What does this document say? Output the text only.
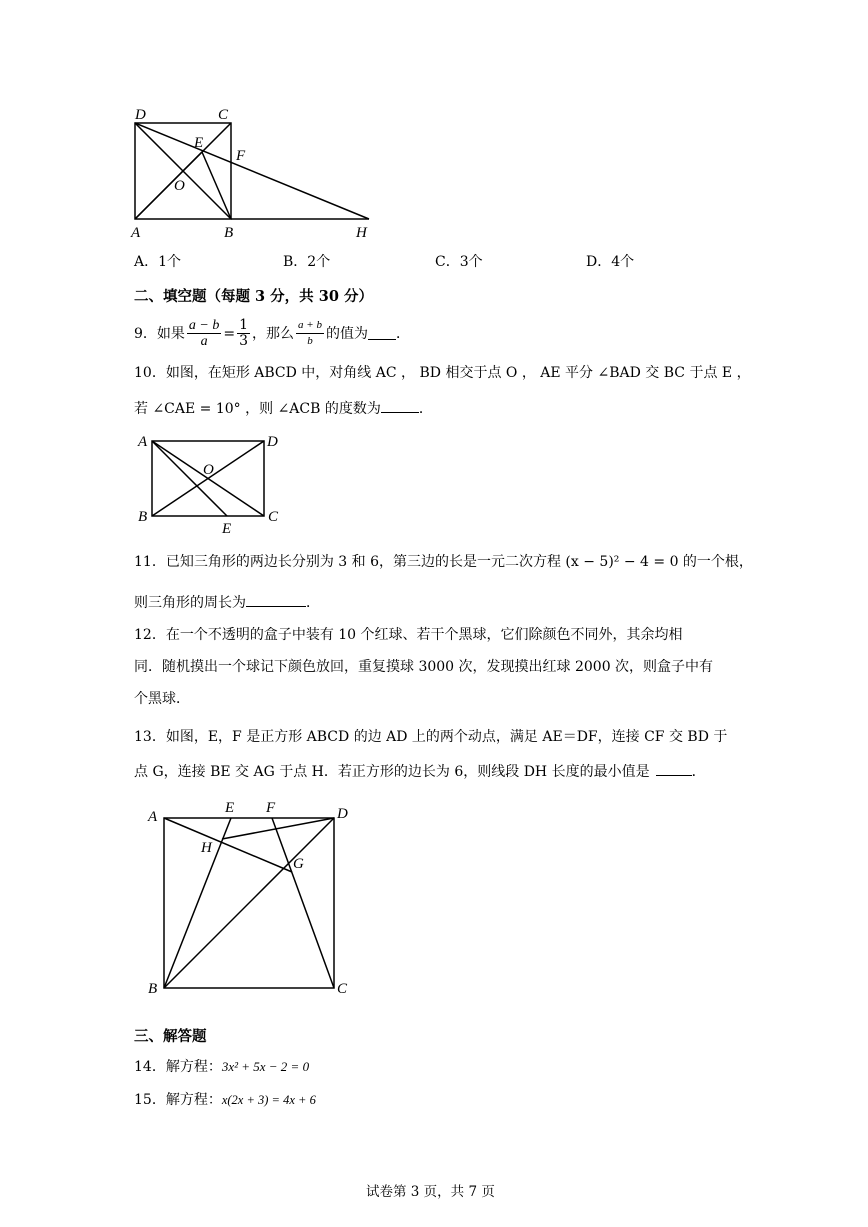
D	C
E
F
O
A	B	H
A．1个	B．2个	C．3个	D．4个
二、填空题（每题 3 分，共 30 分）
9． 如果 $\frac{a - b}{a} = \frac{1}{3}$ ，那么 $\frac{a + b}{b}$ 的值为 ．
10．如图，在矩形 ABCD 中，对角线 AC ， BD 相交于点 O ， AE 平分 ∠BAD 交 BC 于点 E ，
若 ∠CAE = 10° ，则 ∠ACB 的度数为	．
A	D
O
B
E
C
11．已知三角形的两边长分别为 3 和 6，第三边的长是一元二次方程 (x − 5)² − 4 = 0 的一个根，
则三角形的周长为	．
12．在一个不透明的盒子中装有 10 个红球、若干个黑球，它们除颜色不同外，其余均相
同．随机摸出一个球记下颜色放回，重复摸球 3000 次，发现摸出红球 2000 次，则盒子中有
个黑球．
13．如图，E，F 是正方形 ABCD 的边 AD 上的两个动点，满足 AE＝DF，连接 CF 交 BD 于
点 G，连接 BE 交 AG 于点 H．若正方形的边长为 6，则线段 DH 长度的最小值是	．
A
E F	D
H
G
B	C
三、解答题
14．解方程：3x² + 5x − 2 = 0
15．解方程：x(2x + 3) = 4x + 6
试卷第 3 页，共 7 页
